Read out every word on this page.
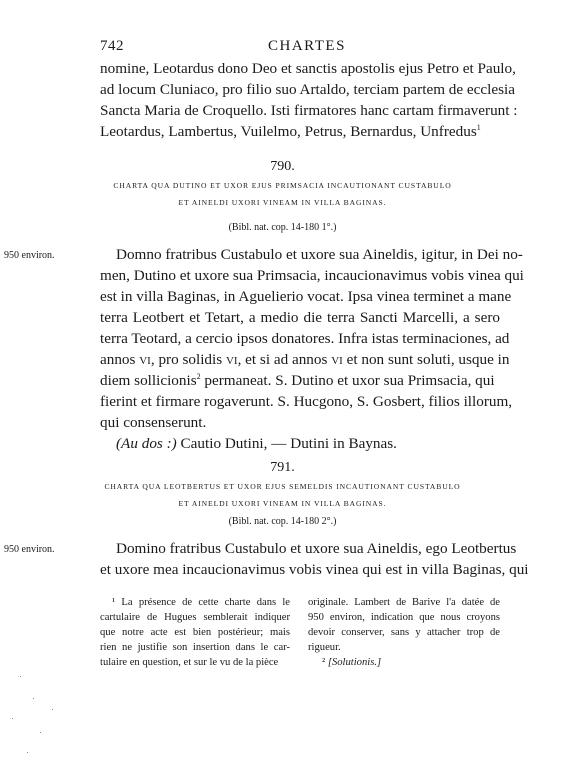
742	CHARTES
nomine, Leotardus dono Deo et sanctis apostolis ejus Petro et Paulo,
ad locum Cluniaco, pro filio suo Artaldo, terciam partem de ecclesia
Sancta Maria de Croquello. Isti firmatores hanc cartam firmaverunt :
Leotardus, Lambertus, Vuilelmo, Petrus, Bernardus, Unfredus$^1$
790.
CHARTA QUA DUTINO ET UXOR EJUS PRIMSACIA INCAUTIONANT CUSTABULO
ET AINELDI UXORI VINEAM IN VILLA BAGINAS.
(Bibl. nat. cop. 14-180 1°.)
950 environ.	Domno fratribus Custabulo et uxore sua Aineldis, igitur, in Dei no-
men, Dutino et uxore sua Primsacia, incaucionavimus vobis vinea qui
est in villa Baginas, in Aguelierio vocat. Ipsa vinea terminet a mane
terra Leotbert et Tetart, a medio die terra Sancti Marcelli, a sero
terra Teotard, a cercio ipsos donatores. Infra istas terminaciones, ad
annos vi, pro solidis vi, et si ad annos vi et non sunt soluti, usque in
diem sollicionis$^2$ permaneat. S. Dutino et uxor sua Primsacia, qui
fierint et firmare rogaverunt. S. Hucgono, S. Gosbert, filios illorum,
qui consenserunt.
(Au dos :) Cautio Dutini, — Dutini in Baynas.
791.
CHARTA QUA LEOTBERTUS ET UXOR EJUS SEMELDIS INCAUTIONANT CUSTABULO
ET AINELDI UXORI VINEAM IN VILLA BAGINAS.
(Bibl. nat. cop. 14-180 2°.)
950 environ.	Domino fratribus Custabulo et uxore sua Aineldis, ego Leotbertus
et uxore mea incaucionavimus vobis vinea qui est in villa Baginas, qui
¹ La présence de cette charte dans le
cartulaire de Hugues semblerait indiquer
que notre acte est bien postérieur; mais
rien ne justifie son insertion dans le car-
tulaire en question, et sur le vu de la pièce
originale. Lambert de Barive l'a datée de
950 environ, indication que nous croyons
devoir conserver, sans y attacher trop de
rigueur.
² [Solutionis.]
